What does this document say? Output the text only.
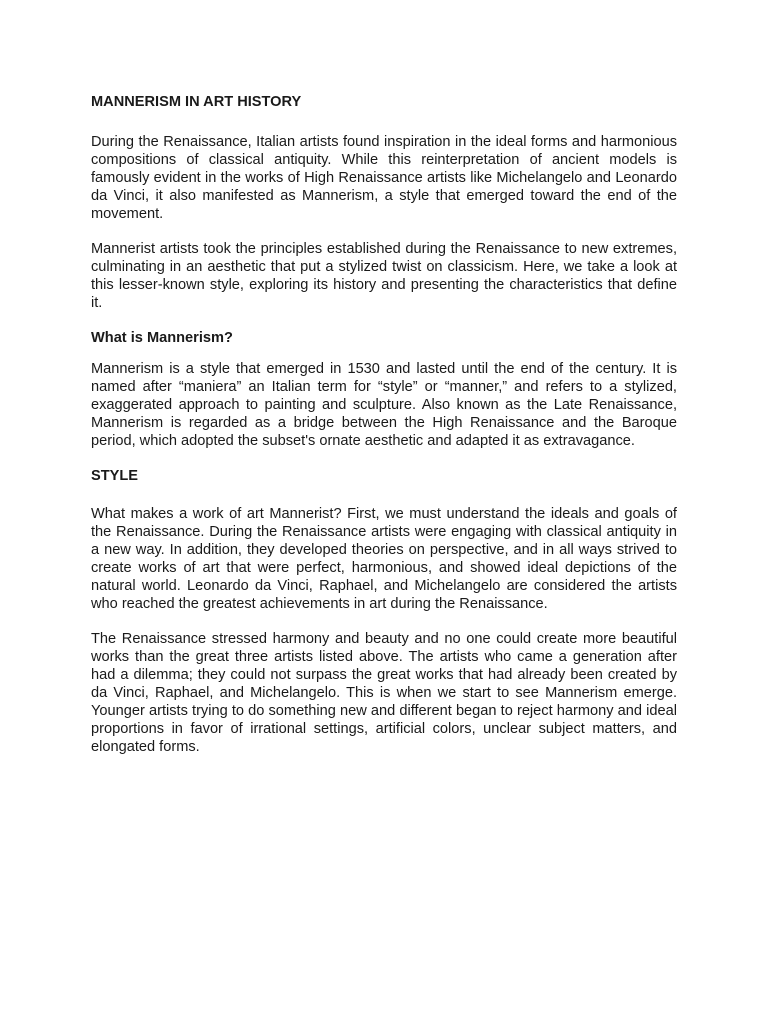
MANNERISM IN ART HISTORY

During the Renaissance, Italian artists found inspiration in the ideal forms and harmonious compositions of classical antiquity. While this reinterpretation of ancient models is famously evident in the works of High Renaissance artists like Michelangelo and Leonardo da Vinci, it also manifested as Mannerism, a style that emerged toward the end of the movement.

Mannerist artists took the principles established during the Renaissance to new extremes, culminating in an aesthetic that put a stylized twist on classicism. Here, we take a look at this lesser-known style, exploring its history and presenting the characteristics that define it.

What is Mannerism?

Mannerism is a style that emerged in 1530 and lasted until the end of the century. It is named after “maniera” an Italian term for “style” or “manner,” and refers to a stylized, exaggerated approach to painting and sculpture. Also known as the Late Renaissance, Mannerism is regarded as a bridge between the High Renaissance and the Baroque period, which adopted the subset's ornate aesthetic and adapted it as extravagance.

STYLE

What makes a work of art Mannerist? First, we must understand the ideals and goals of the Renaissance. During the Renaissance artists were engaging with classical antiquity in a new way. In addition, they developed theories on perspective, and in all ways strived to create works of art that were perfect, harmonious, and showed ideal depictions of the natural world. Leonardo da Vinci, Raphael, and Michelangelo are considered the artists who reached the greatest achievements in art during the Renaissance.

The Renaissance stressed harmony and beauty and no one could create more beautiful works than the great three artists listed above. The artists who came a generation after had a dilemma; they could not surpass the great works that had already been created by da Vinci, Raphael, and Michelangelo. This is when we start to see Mannerism emerge. Younger artists trying to do something new and different began to reject harmony and ideal proportions in favor of irrational settings, artificial colors, unclear subject matters, and elongated forms.
